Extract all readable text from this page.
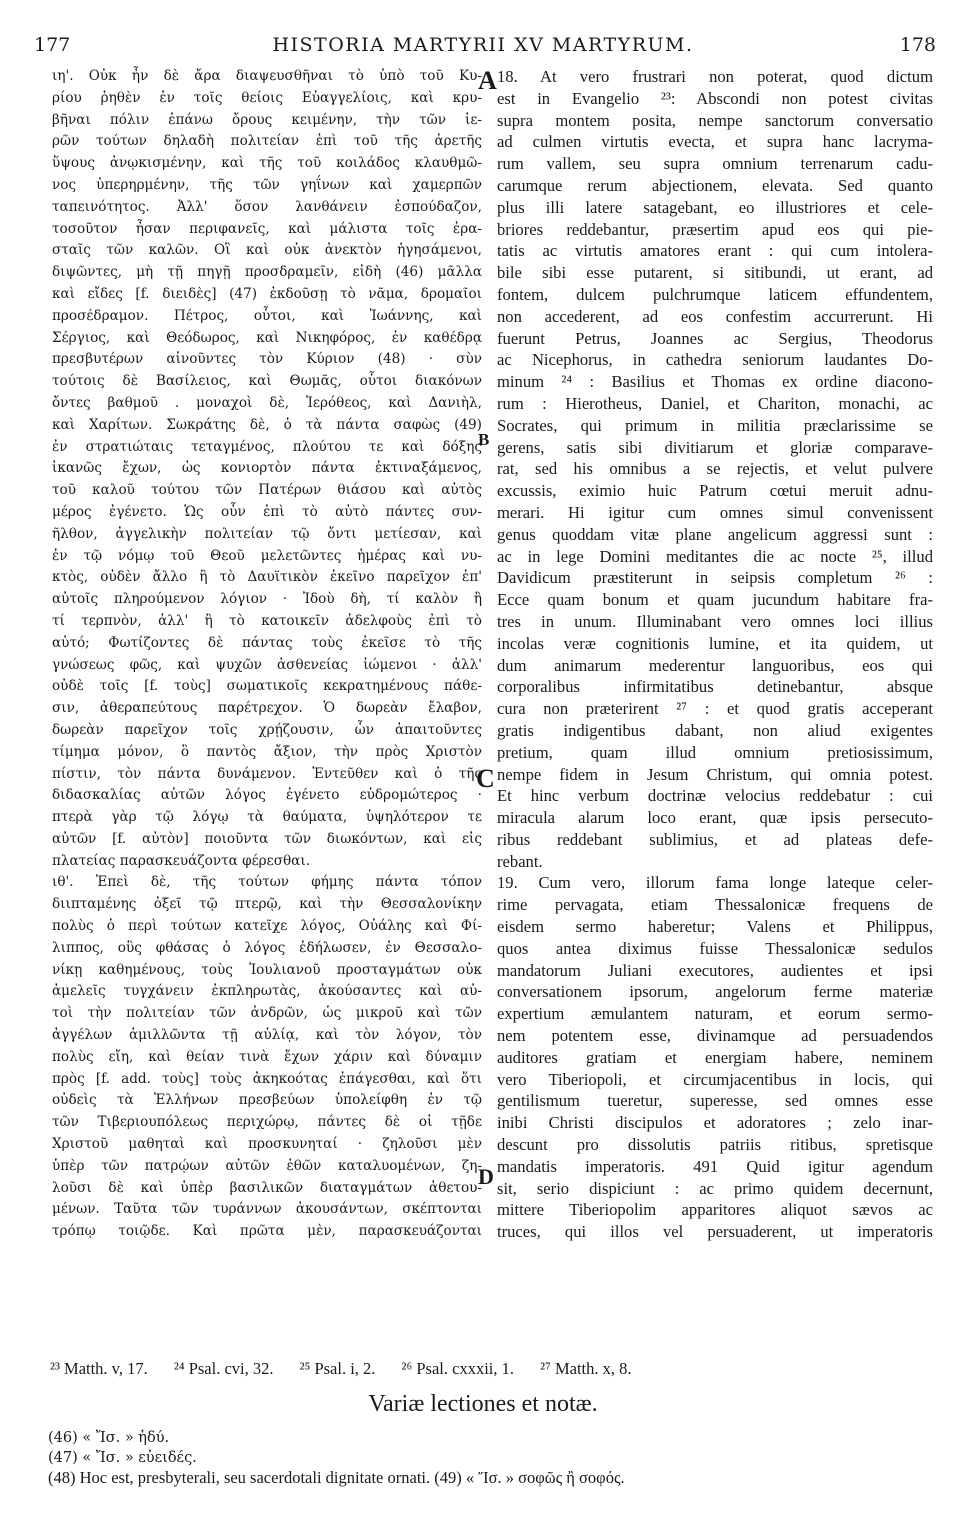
177	HISTORIA MARTYRII XV MARTYRUM.	178
ιη'. Οὐκ ἦν δὲ ἄρα διαψευσθῆναι τὸ ὑπὸ τοῦ Κυ-
ρίου ῥηθὲν ἐν τοῖς θείοις Εὐαγγελίοις, καὶ κρυ-
βῆναι πόλιν ἐπάνω ὄρους κειμένην, τὴν τῶν ἱε-
ρῶν τούτων δηλαδὴ πολιτείαν ἐπὶ τοῦ τῆς ἀρετῆς
ὕψους ἀνῳκισμένην, καὶ τῆς τοῦ κοιλάδος κλαυθμῶ-
νος ὑπερηρμένην, τῆς τῶν γηΐνων καὶ χαμερπῶν
ταπεινότητος. Ἀλλ' ὅσον λανθάνειν ἐσπούδαζον,
τοσοῦτον ἦσαν περιφανεῖς, καὶ μάλιστα τοῖς ἐρα-
σταῖς τῶν καλῶν. Οἳ καὶ οὐκ ἀνεκτὸν ἡγησάμενοι,
διψῶντες, μὴ τῇ πηγῇ προσδραμεῖν, εἰδὴ (46) μᾶλλα
καὶ εἴδες [f. διειδὲς] (47) ἐκδοῦσῃ τὸ νᾶμα, δρομαῖοι
προσέδραμον. Πέτρος, οὗτοι, καὶ Ἰωάννης, καὶ
Σέργιος, καὶ Θεόδωρος, καὶ Νικηφόρος, ἐν καθέδρᾳ
πρεσβυτέρων αἰνοῦντες τὸν Κύριον (48) · σὺν
τούτοις δὲ Βασίλειος, καὶ Θωμᾶς, οὗτοι διακόνων
ὄντες βαθμοῦ . μοναχοὶ δὲ, Ἱερόθεος, καὶ Δανιὴλ,
καὶ Χαρίτων. Σωκράτης δὲ, ὁ τὰ πάντα σαφὼς (49)
ἐν στρατιώταις τεταγμένος, πλούτου τε καὶ δόξης
ἱκανῶς ἔχων, ὡς κονιορτὸν πάντα ἐκτιναξάμενος,
τοῦ καλοῦ τούτου τῶν Πατέρων θιάσου καὶ αὐτὸς
μέρος ἐγένετο. Ὡς οὖν ἐπὶ τὸ αὐτὸ πάντες συν-
ῆλθον, ἀγγελικὴν πολιτείαν τῷ ὄντι μετίεσαν, καὶ
ἐν τῷ νόμῳ τοῦ Θεοῦ μελετῶντες ἡμέρας καὶ νυ-
κτὸς, οὐδὲν ἄλλο ἢ τὸ Δαυϊτικὸν ἐκεῖνο παρεῖχον ἐπ'
αὐτοῖς πληρούμενον λόγιον · Ἰδοὺ δὴ, τί καλὸν ἢ
τί τερπνὸν, ἀλλ' ἢ τὸ κατοικεῖν ἀδελφοὺς ἐπὶ τὸ
αὐτό; Φωτίζοντες δὲ πάντας τοὺς ἐκεῖσε τὸ τῆς
γνώσεως φῶς, καὶ ψυχῶν ἀσθενείας ἰώμενοι · ἀλλ'
οὐδὲ τοῖς [f. τοὺς] σωματικοῖς κεκρατημένους πάθε-
σιν, ἀθεραπεύτους παρέτρεχον. Ὁ δωρεὰν ἔλαβον,
δωρεὰν παρεῖχον τοῖς χρῄζουσιν, ὧν ἀπαιτοῦντες
τίμημα μόνον, ὃ παντὸς ἄξιον, τὴν πρὸς Χριστὸν
πίστιν, τὸν πάντα δυνάμενον. Ἐντεῦθεν καὶ ὁ τῆς
διδασκαλίας αὐτῶν λόγος ἐγένετο εὐδρομώτερος ·
πτερὰ γὰρ τῷ λόγῳ τὰ θαύματα, ὑψηλότερον τε
αὐτῶν [f. αὐτὸν] ποιοῦντα τῶν διωκόντων, καὶ εἰς
πλατείας παρασκευάζοντα φέρεσθαι.
ιθ'. Ἐπεὶ δὲ, τῆς τούτων φήμης πάντα τόπον
διιπταμένης ὀξεῖ τῷ πτερῷ, καὶ τὴν Θεσσαλονίκην
πολὺς ὁ περὶ τούτων κατεῖχε λόγος, Οὐάλης καὶ Φί-
λιππος, οὓς φθάσας ὁ λόγος ἐδήλωσεν, ἐν Θεσσαλο-
νίκῃ καθημένους, τοὺς Ἰουλιανοῦ προσταγμάτων οὐκ
ἀμελεῖς τυγχάνειν ἐκπληρωτὰς, ἀκούσαντες καὶ αὐ-
τοὶ τὴν πολιτείαν τῶν ἀνδρῶν, ὡς μικροῦ καὶ τῶν
ἀγγέλων ἁμιλλῶντα τῇ αὐλίᾳ, καὶ τὸν λόγον, τὸν
πολὺς εἴη, καὶ θείαν τινὰ ἔχων χάριν καὶ δύναμιν
πρὸς [f. add. τοὺς] τοὺς ἀκηκοότας ἐπάγεσθαι, καὶ ὅτι
οὐδεὶς τὰ Ἑλλήνων πρεσβεύων ὑπολείφθη ἐν τῷ
τῶν Τιβεριουπόλεως περιχώρῳ, πάντες δὲ οἱ τῇδε
Χριστοῦ μαθηταὶ καὶ προσκυνηταί · ζηλοῦσι μὲν
ὑπὲρ τῶν πατρῴων αὐτῶν ἐθῶν καταλυομένων, ζη-
λοῦσι δὲ καὶ ὑπὲρ βασιλικῶν διαταγμάτων ἀθετου-
μένων. Ταῦτα τῶν τυράννων ἀκουσάντων, σκέπτονται
τρόπῳ τοιῷδε. Καὶ πρῶτα μὲν, παρασκευάζονται
18. At vero frustrari non poterat, quod dictum
est in Evangelio ²³: Abscondi non potest civitas
supra montem posita, nempe sanctorum conversatio
ad culmen virtutis evecta, et supra hanc lacryma-
rum vallem, seu supra omnium terrenarum cadu-
carumque rerum abjectionem, elevata. Sed quanto
plus illi latere satagebant, eo illustriores et cele-
briores reddebantur, præsertim apud eos qui pie-
tatis ac virtutis amatores erant : qui cum intolera-
bile sibi esse putarent, si sitibundi, ut erant, ad
fontem, dulcem pulchrumque laticem effundentem,
non accederent, ad eos confestim accurrerunt. Hi
fuerunt Petrus, Joannes ac Sergius, Theodorus
ac Nicephorus, in cathedra seniorum laudantes Do-
minum ²⁴ : Basilius et Thomas ex ordine diacono-
rum : Hierotheus, Daniel, et Chariton, monachi, ac
Socrates, qui primum in militia præclarissime se
gerens, satis sibi divitiarum et gloriæ comparave-
rat, sed his omnibus a se rejectis, et velut pulvere
excussis, eximio huic Patrum cœtui meruit adnu-
merari. Hi igitur cum omnes simul convenissent
genus quoddam vitæ plane angelicum aggressi sunt :
ac in lege Domini meditantes die ac nocte ²⁵, illud
Davidicum præstiterunt in seipsis completum ²⁶ :
Ecce quam bonum et quam jucundum habitare fra-
tres in unum. Illuminabant vero omnes loci illius
incolas veræ cognitionis lumine, et ita quidem, ut
dum animarum mederentur languoribus, eos qui
corporalibus infirmitatibus detinebantur, absque
cura non præterirent ²⁷ : et quod gratis acceperant
gratis indigentibus dabant, non aliud exigentes
pretium, quam illud omnium pretiosissimum,
nempe fidem in Jesum Christum, qui omnia potest.
Et hinc verbum doctrinæ velocius reddebatur : cui
miracula alarum loco erant, quæ ipsis persecuto-
ribus reddebant sublimius, et ad plateas defe-
rebant.
19. Cum vero, illorum fama longe lateque celer-
rime pervagata, etiam Thessalonicæ frequens de
eisdem sermo haberetur; Valens et Philippus,
quos antea diximus fuisse Thessalonicæ sedulos
mandatorum Juliani executores, audientes et ipsi
conversationem ipsorum, angelorum ferme materiæ
expertium æmulantem naturam, et eorum sermo-
nem potentem esse, divinamque ad persuadendos
auditores gratiam et energiam habere, neminem
vero Tiberiopoli, et circumjacentibus in locis, qui
gentilismum tueretur, superesse, sed omnes esse
inibi Christi discipulos et adoratores ; zelo inar-
descunt pro dissolutis patriis ritibus, spretisque
mandatis imperatoris. 491 Quid igitur agendum
sit, serio dispiciunt : ac primo quidem decernunt,
mittere Tiberiopolim apparitores aliquot sævos ac
truces, qui illos vel persuaderent, ut imperatoris
A
B
C
D
²³ Matth. v, 17. ²⁴ Psal. cvi, 32. ²⁵ Psal. i, 2. ²⁶ Psal. cxxxii, 1. ²⁷ Matth. x, 8.
Variæ lectiones et notæ.
(46) « Ἴσ. » ἡδύ.
(47) « Ἴσ. » εὐειδές.
(48) Hoc est, presbyterali, seu sacerdotali dignitate ornati. (49) « Ἴσ. » σοφῶς ἢ σοφός.
